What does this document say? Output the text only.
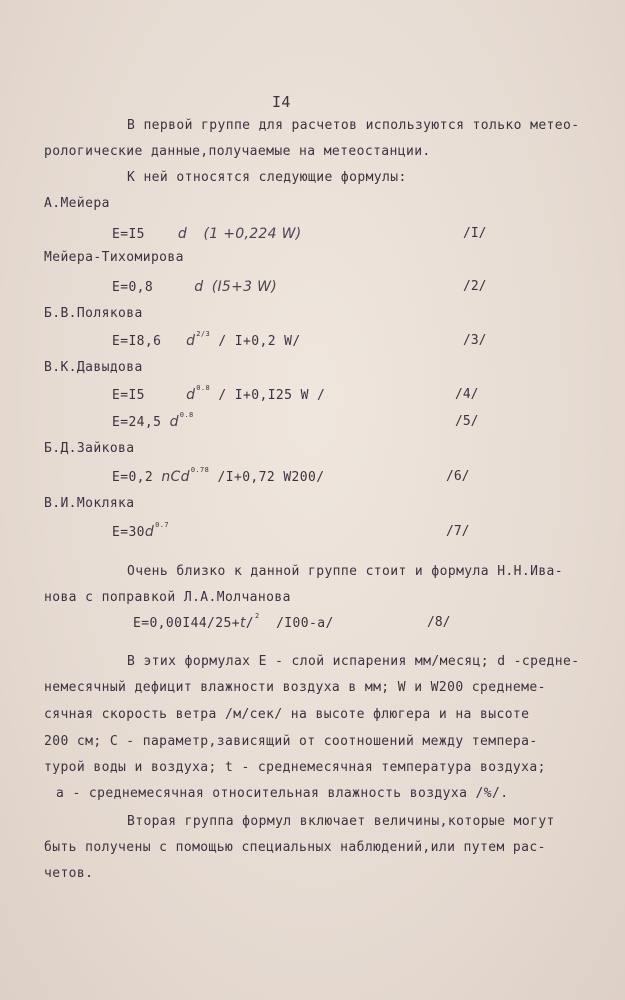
I4
В первой группе для расчетов используются только метео-
рологические данные,получаемые на метеостанции.
К ней относятся следующие формулы:
А.Мейера
E=I5 d (1 +0,224 W)	/I/
Мейера-Тихомирова
E=0,8	d (I5+3 W)	/2/
Б.В.Полякова
E=I8,6 $d^{2/3} / I+0,2$ W/	/3/
В.К.Давыдова
E=I5	$d^{0.8} / I+0,I25$ W /	/4/
E=24,5 $d^{0.8}$	/5/
Б.Д.Зайкова
E=0,2 nCd$^{0.78}$ /I+0,72 W200/	/6/
В.И.Мокляка
$E=30d^{0.7}$	/7/
Очень близко к данной группе стоит и формула Н.Н.Ива-
нова с поправкой Л.А.Молчанова
E=0,00I44/25+t/$^2$ /I00-a/	/8/
В этих формулах E - слой испарения мм/месяц; d -средне-
немесячный дефицит влажности воздуха в мм; W и W200 среднеме-
сячная скорость ветра /м/сек/ на высоте флюгера и на высоте
200 см; C - параметр,зависящий от соотношений между темпера-
турой воды и воздуха; t - среднемесячная температура воздуха;
a - среднемесячная относительная влажность воздуха /%/.
Вторая группа формул включает величины,которые могут
быть получены с помощью специальных наблюдений,или путем рас-
четов.
